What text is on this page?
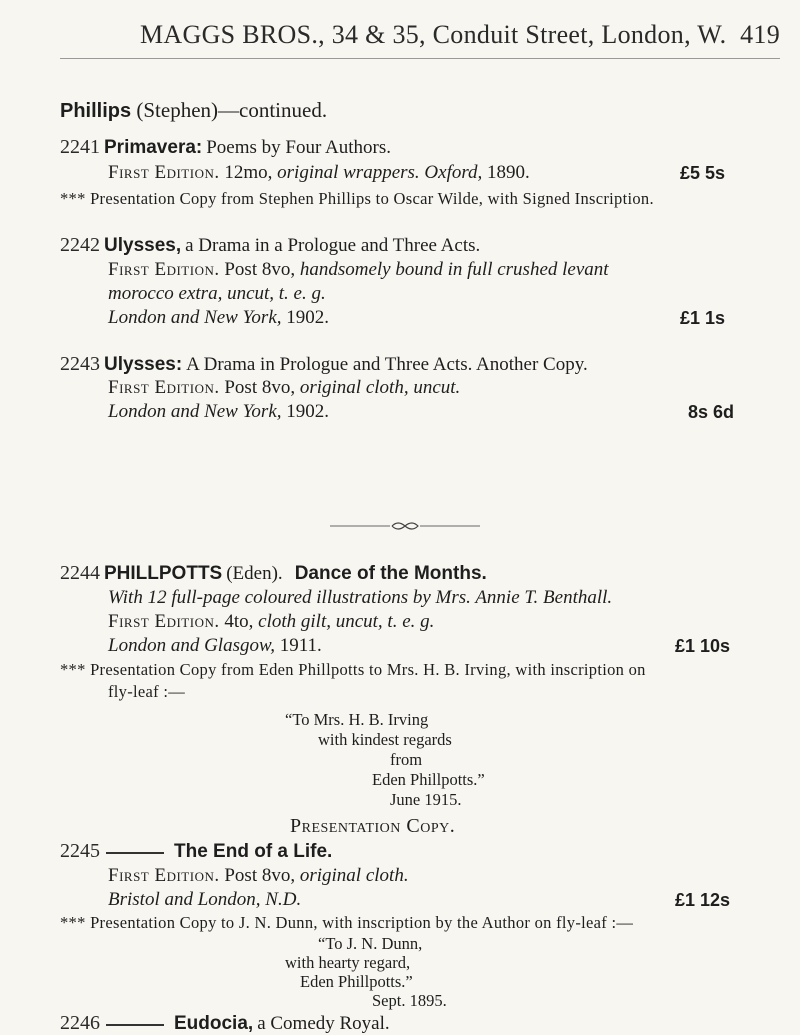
MAGGS BROS., 34 & 35, Conduit Street, London, W. 419
Phillips (Stephen)—continued.
2241 Primavera: Poems by Four Authors.
First Edition. 12mo, original wrappers. Oxford, 1890.	£5 5s
*** Presentation Copy from Stephen Phillips to Oscar Wilde, with Signed Inscription.
2242 Ulysses, a Drama in a Prologue and Three Acts.
First Edition. Post 8vo, handsomely bound in full crushed levant
morocco extra, uncut, t. e. g.
London and New York, 1902.	£1 1s
2243 Ulysses: A Drama in Prologue and Three Acts. Another Copy.
First Edition. Post 8vo, original cloth, uncut.
London and New York, 1902.	8s 6d
2244 PHILLPOTTS (Eden). Dance of the Months.
With 12 full-page coloured illustrations by Mrs. Annie T. Benthall.
First Edition. 4to, cloth gilt, uncut, t. e. g.
London and Glasgow, 1911.	£1 10s
*** Presentation Copy from Eden Phillpotts to Mrs. H. B. Irving, with inscription on
fly-leaf :—
“To Mrs. H. B. Irving
with kindest regards
from
Eden Phillpotts.”
June 1915.
Presentation Copy.
2245	The End of a Life.
First Edition. Post 8vo, original cloth.
Bristol and London, N.D.	£1 12s
*** Presentation Copy to J. N. Dunn, with inscription by the Author on fly-leaf :—
“To J. N. Dunn,
with hearty regard,
Eden Phillpotts.”
Sept. 1895.
2246	Eudocia, a Comedy Royal.
